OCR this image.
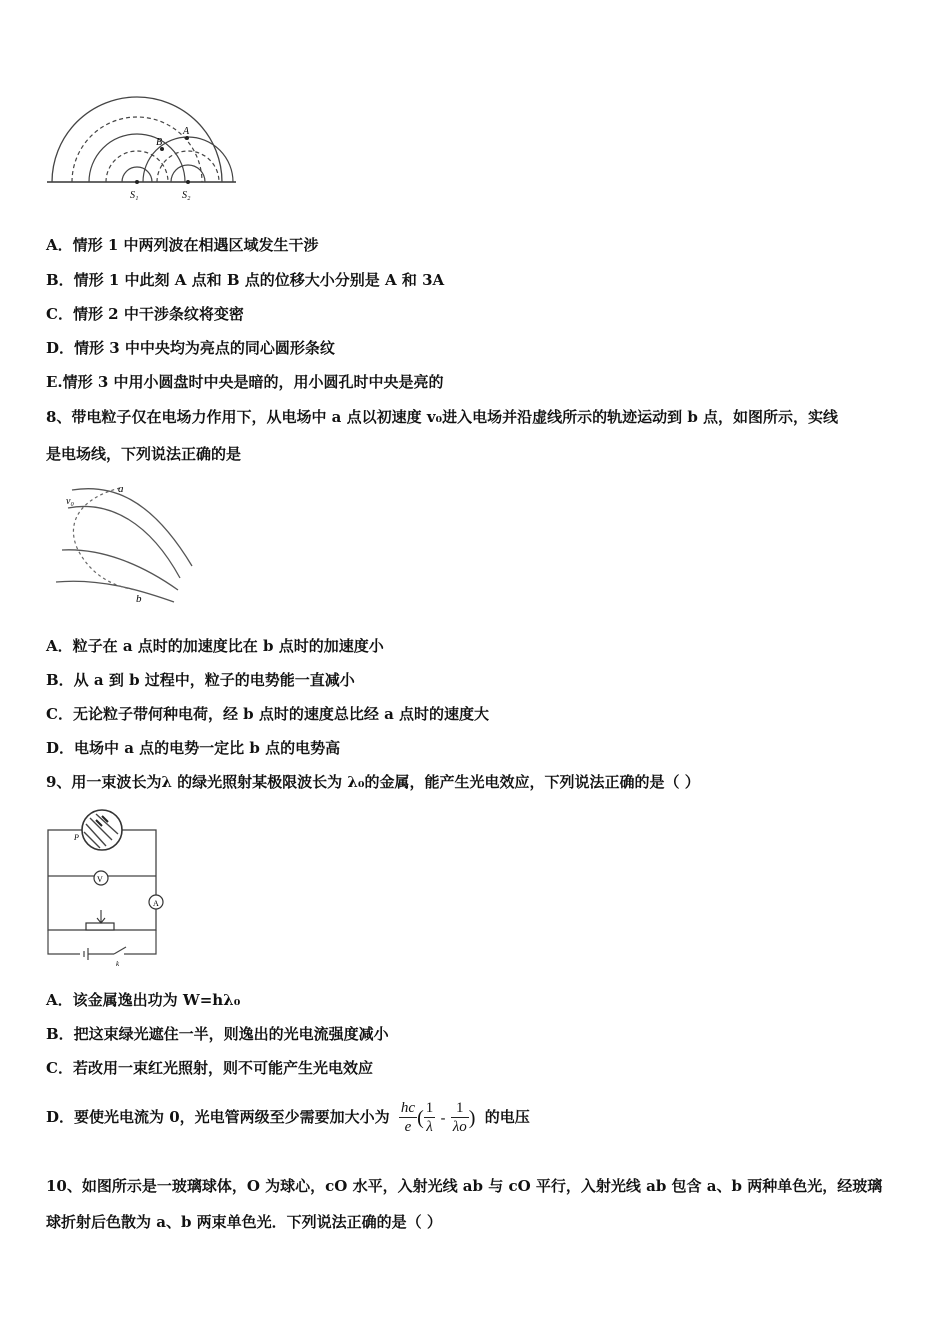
B
A
S₁	S₂
A．情形 1 中两列波在相遇区域发生干涉
B．情形 1 中此刻 A 点和 B 点的位移大小分别是 A 和 3A
C．情形 2 中干涉条纹将变密
D．情形 3 中中央均为亮点的同心圆形条纹
E.情形 3 中用小圆盘时中央是暗的，用小圆孔时中央是亮的
8、带电粒子仅在电场力作用下，从电场中 a 点以初速度 v₀进入电场并沿虚线所示的轨迹运动到 b 点，如图所示，实线
是电场线，下列说法正确的是
a
v₀
b
A．粒子在 a 点时的加速度比在 b 点时的加速度小
B．从 a 到 b 过程中，粒子的电势能一直减小
C．无论粒子带何种电荷，经 b 点时的速度总比经 a 点时的速度大
D．电场中 a 点的电势一定比 b 点的电势高
9、用一束波长为λ 的绿光照射某极限波长为 λ₀的金属，能产生光电效应，下列说法正确的是（ ）
V
A
P
k
A．该金属逸出功为 W=hλ₀
B．把这束绿光遮住一半，则逸出的光电流强度减小
C．若改用一束红光照射，则不可能产生光电效应
D．要使光电流为 0，光电管两级至少需要加大小为 $\frac{hc}{e}$ ( $\frac{1}{\lambda} - \frac{1}{\lambda o}$ ) 的电压
10、如图所示是一玻璃球体，O 为球心，cO 水平，入射光线 ab 与 cO 平行，入射光线 ab 包含 a、b 两种单色光，经玻璃
球折射后色散为 a、b 两束单色光．下列说法正确的是（ ）
